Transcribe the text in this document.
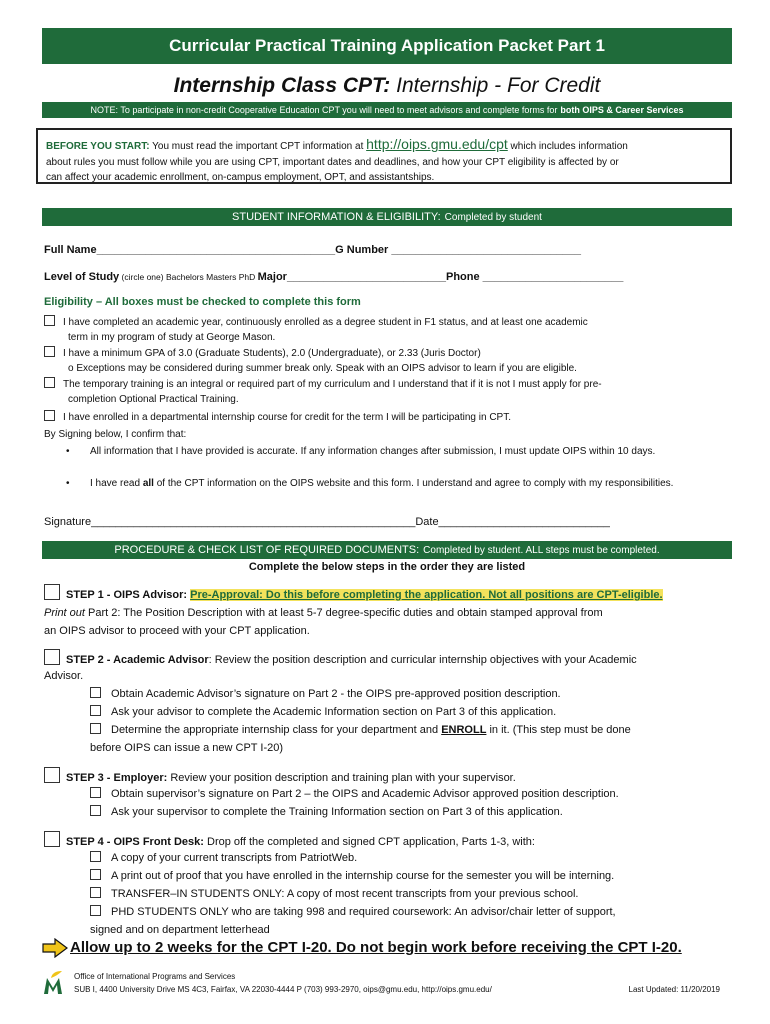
Curricular Practical Training Application Packet Part 1
Internship Class CPT: Internship - For Credit
NOTE: To participate in non-credit Cooperative Education CPT you will need to meet advisors and complete forms for both OIPS & Career Services
BEFORE YOU START: You must read the important CPT information at http://oips.gmu.edu/cpt which includes information
about rules you must follow while you are using CPT, important dates and deadlines, and how your CPT eligibility is affected by or
can affect your academic enrollment, on-campus employment, OPT, and assistantships.
STUDENT INFORMATION & ELIGIBILITY: Completed by student
Full Name_______________________________________G Number _______________________________
Level of Study (circle one) Bachelors Masters PhD Major__________________________Phone _______________________
Eligibility – All boxes must be checked to complete this form
I have completed an academic year, continuously enrolled as a degree student in F1 status, and at least one academic
term in my program of study at George Mason.
I have a minimum GPA of 3.0 (Graduate Students), 2.0 (Undergraduate), or 2.33 (Juris Doctor)
o Exceptions may be considered during summer break only. Speak with an OIPS advisor to learn if you are eligible.
The temporary training is an integral or required part of my curriculum and I understand that if it is not I must apply for pre-
completion Optional Practical Training.
I have enrolled in a departmental internship course for credit for the term I will be participating in CPT.
By Signing below, I confirm that:
•	All information that I have provided is accurate. If any information changes after submission, I must update OIPS within 10 days.
•	I have read all of the CPT information on the OIPS website and this form. I understand and agree to comply with my responsibilities.
Signature_____________________________________________________Date____________________________
PROCEDURE & CHECK LIST OF REQUIRED DOCUMENTS: Completed by student. ALL steps must be completed.
Complete the below steps in the order they are listed
STEP 1 - OIPS Advisor: Pre-Approval: Do this before completing the application. Not all positions are CPT-eligible.
Print out Part 2: The Position Description with at least 5-7 degree-specific duties and obtain stamped approval from
an OIPS advisor to proceed with your CPT application.
STEP 2 - Academic Advisor: Review the position description and curricular internship objectives with your Academic
Advisor.
Obtain Academic Advisor’s signature on Part 2 - the OIPS pre-approved position description.
Ask your advisor to complete the Academic Information section on Part 3 of this application.
Determine the appropriate internship class for your department and ENROLL in it. (This step must be done
before OIPS can issue a new CPT I-20)
STEP 3 - Employer: Review your position description and training plan with your supervisor.
Obtain supervisor’s signature on Part 2 – the OIPS and Academic Advisor approved position description.
Ask your supervisor to complete the Training Information section on Part 3 of this application.
STEP 4 - OIPS Front Desk: Drop off the completed and signed CPT application, Parts 1-3, with:
A copy of your current transcripts from PatriotWeb.
A print out of proof that you have enrolled in the internship course for the semester you will be interning.
TRANSFER–IN STUDENTS ONLY: A copy of most recent transcripts from your previous school.
PHD STUDENTS ONLY who are taking 998 and required coursework: An advisor/chair letter of support,
signed and on department letterhead
Allow up to 2 weeks for the CPT I-20. Do not begin work before receiving the CPT I-20.
Office of International Programs and Services
SUB I, 4400 University Drive MS 4C3, Fairfax, VA 22030-4444 P (703) 993-2970, oips@gmu.edu, http://oips.gmu.edu/	Last Updated: 11/20/2019
